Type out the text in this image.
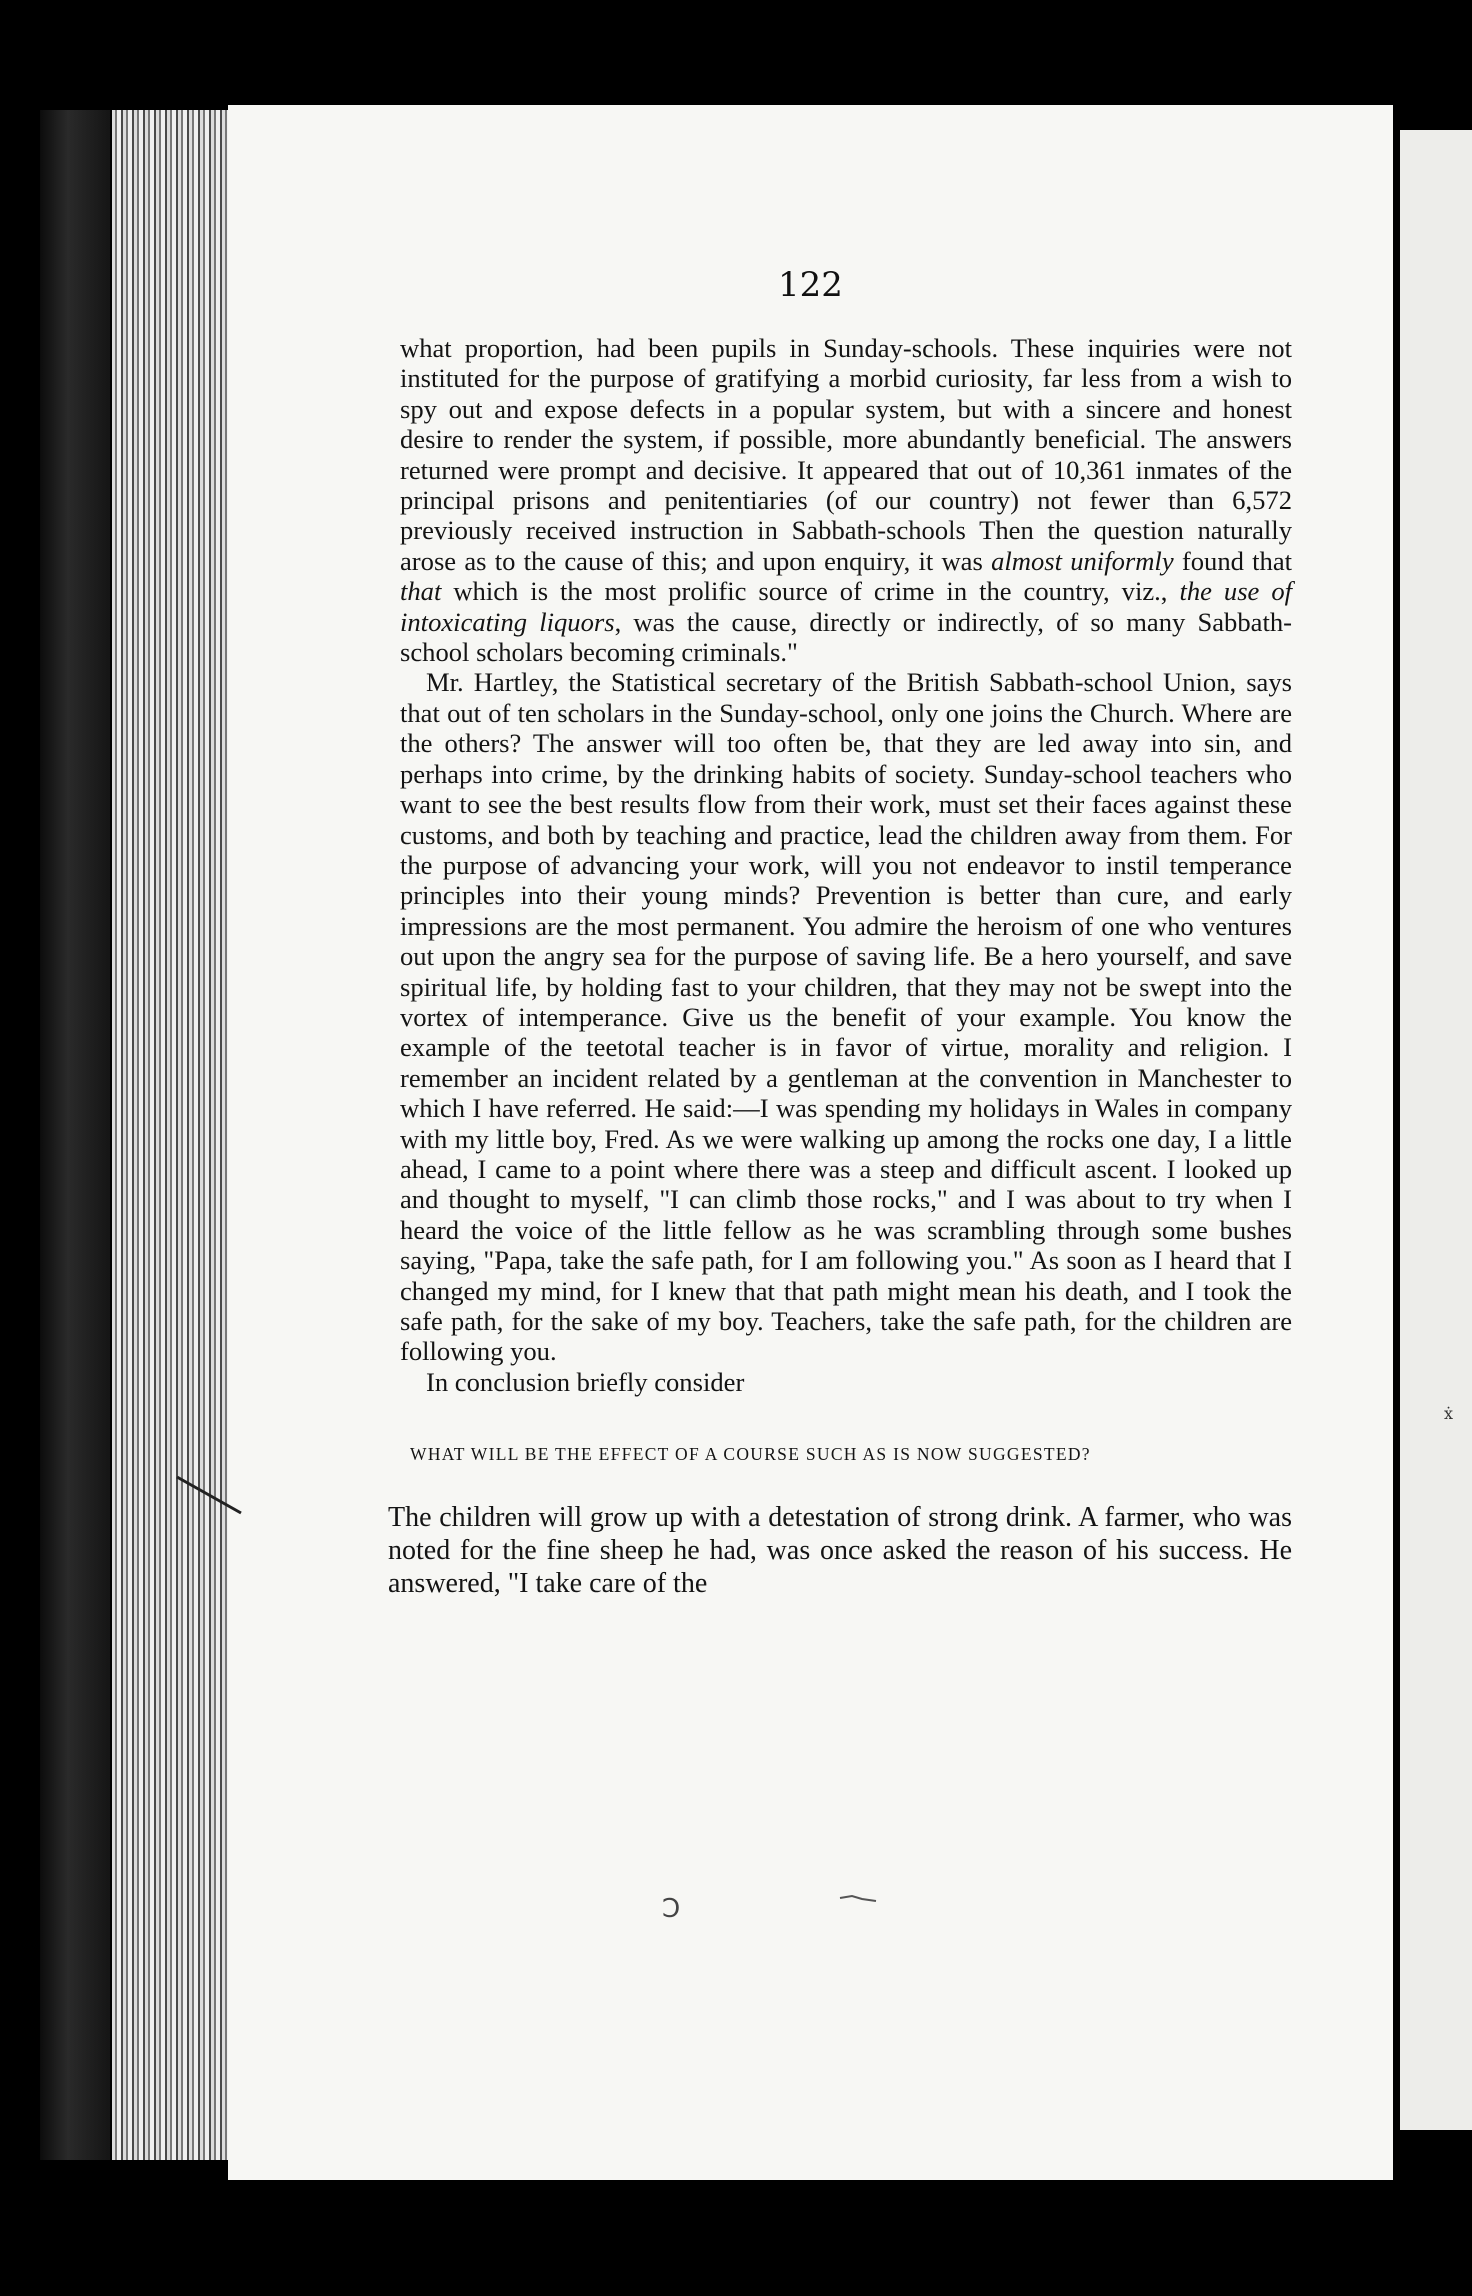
ẋ
122

what proportion, had been pupils in Sunday-schools. These inquiries were not instituted for the purpose of gratifying a morbid curiosity, far less from a wish to spy out and expose defects in a popular system, but with a sincere and honest desire to render the system, if possible, more abundantly beneficial. The answers returned were prompt and decisive. It appeared that out of 10,361 inmates of the principal prisons and penitentiaries (of our country) not fewer than 6,572 previously received instruction in Sabbath-schools Then the question naturally arose as to the cause of this; and upon enquiry, it was almost uniformly found that that which is the most prolific source of crime in the country, viz., the use of intoxicating liquors, was the cause, directly or indirectly, of so many Sabbath-school scholars becoming criminals."

Mr. Hartley, the Statistical secretary of the British Sabbath-school Union, says that out of ten scholars in the Sunday-school, only one joins the Church. Where are the others? The answer will too often be, that they are led away into sin, and perhaps into crime, by the drinking habits of society. Sunday-school teachers who want to see the best results flow from their work, must set their faces against these customs, and both by teaching and practice, lead the children away from them. For the purpose of advancing your work, will you not endeavor to instil temperance principles into their young minds? Prevention is better than cure, and early impressions are the most permanent. You admire the heroism of one who ventures out upon the angry sea for the purpose of saving life. Be a hero yourself, and save spiritual life, by holding fast to your children, that they may not be swept into the vortex of intemperance. Give us the benefit of your example. You know the example of the teetotal teacher is in favor of virtue, morality and religion. I remember an incident related by a gentleman at the convention in Manchester to which I have referred. He said:—I was spending my holidays in Wales in company with my little boy, Fred. As we were walking up among the rocks one day, I a little ahead, I came to a point where there was a steep and difficult ascent. I looked up and thought to myself, "I can climb those rocks," and I was about to try when I heard the voice of the little fellow as he was scrambling through some bushes saying, "Papa, take the safe path, for I am following you." As soon as I heard that I changed my mind, for I knew that that path might mean his death, and I took the safe path, for the sake of my boy. Teachers, take the safe path, for the children are following you.

In conclusion briefly consider

WHAT WILL BE THE EFFECT OF A COURSE SUCH AS IS NOW SUGGESTED?

The children will grow up with a detestation of strong drink. A farmer, who was noted for the fine sheep he had, was once asked the reason of his success. He answered, "I take care of the

Ɔ
